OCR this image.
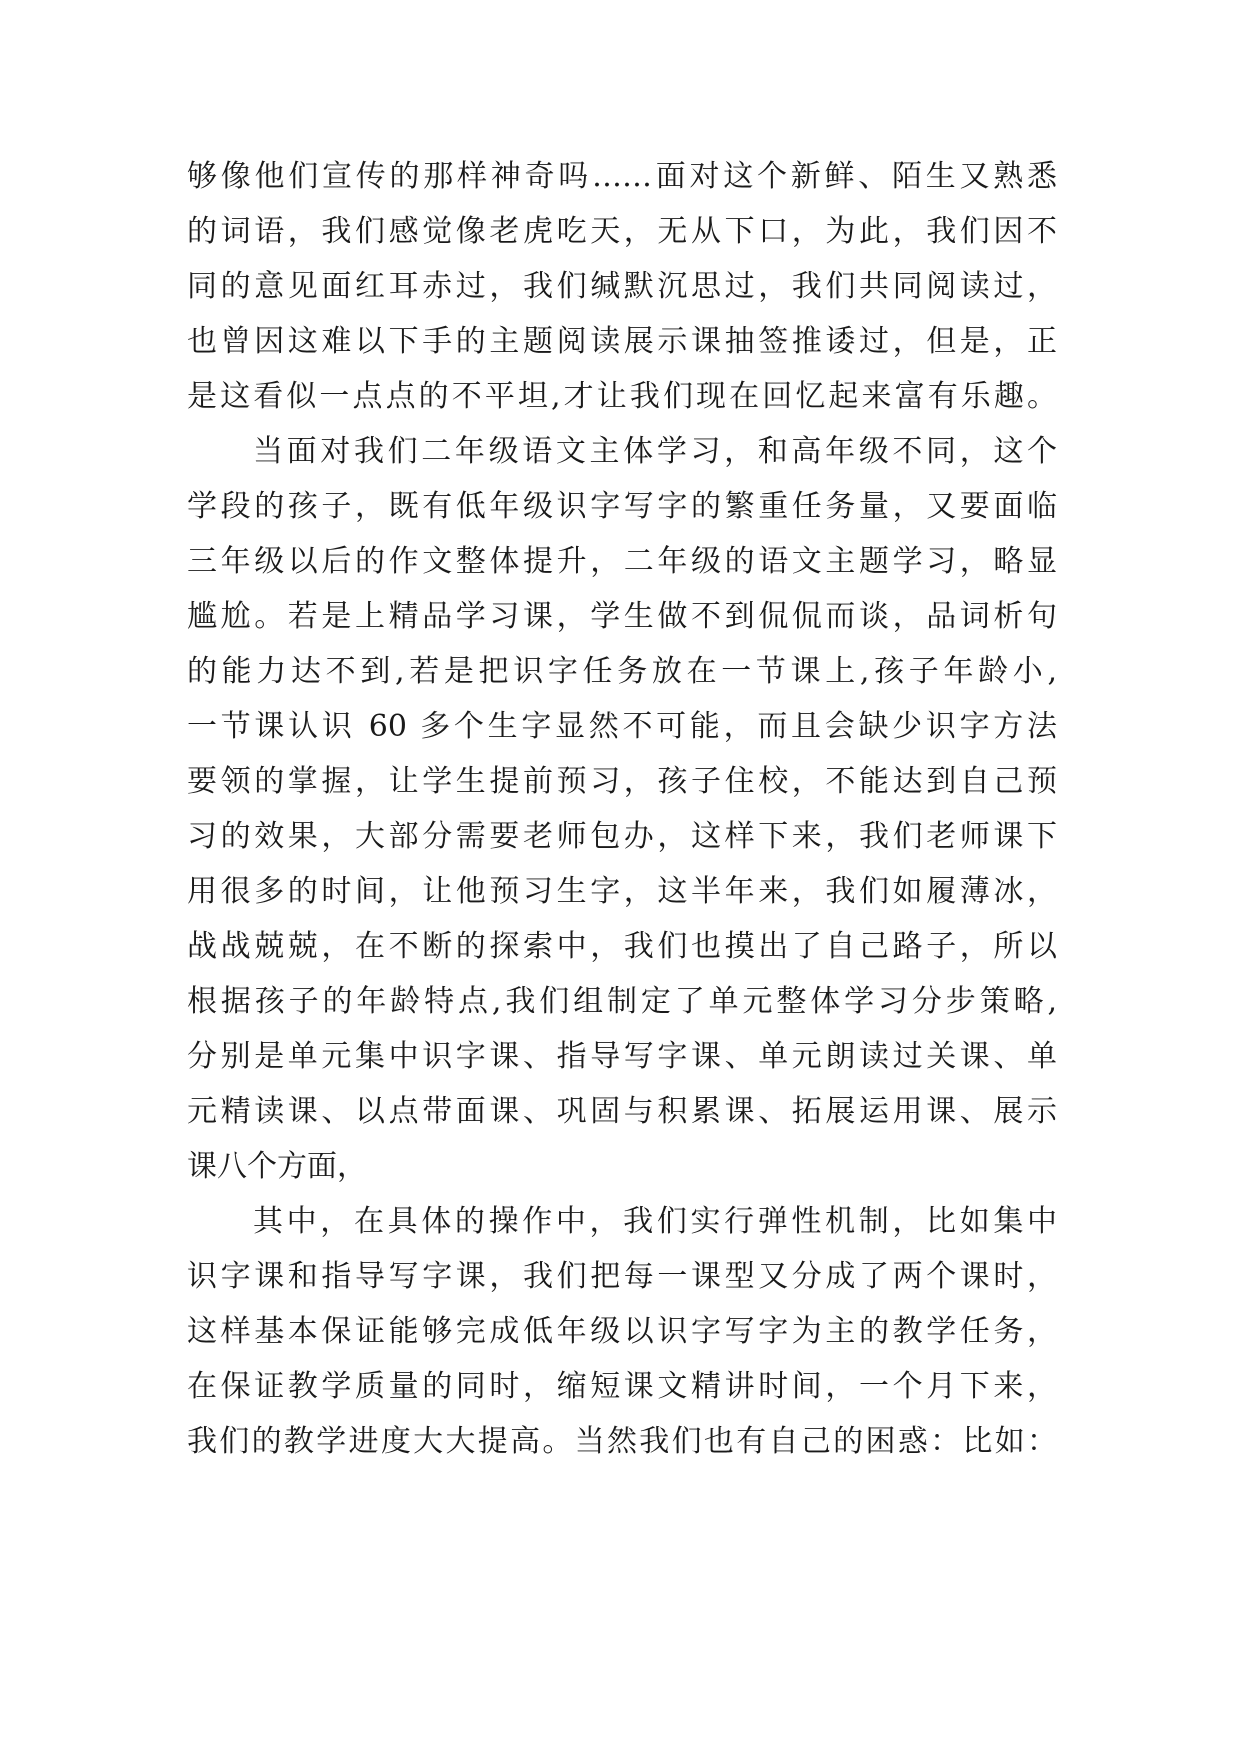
够像他们宣传的那样神奇吗……面对这个新鲜、陌生又熟悉
的词语，我们感觉像老虎吃天，无从下口，为此，我们因不
同的意见面红耳赤过，我们缄默沉思过，我们共同阅读过，
也曾因这难以下手的主题阅读展示课抽签推诿过，但是，正
是这看似一点点的不平坦,才让我们现在回忆起来富有乐趣。
当面对我们二年级语文主体学习，和高年级不同，这个
学段的孩子，既有低年级识字写字的繁重任务量，又要面临
三年级以后的作文整体提升，二年级的语文主题学习，略显
尴尬。若是上精品学习课，学生做不到侃侃而谈，品词析句
的能力达不到,若是把识字任务放在一节课上,孩子年龄小,
一节课认识 60 多个生字显然不可能，而且会缺少识字方法
要领的掌握，让学生提前预习，孩子住校，不能达到自己预
习的效果，大部分需要老师包办，这样下来，我们老师课下
用很多的时间，让他预习生字，这半年来，我们如履薄冰，
战战兢兢，在不断的探索中，我们也摸出了自己路子，所以
根据孩子的年龄特点,我们组制定了单元整体学习分步策略,
分别是单元集中识字课、指导写字课、单元朗读过关课、单
元精读课、以点带面课、巩固与积累课、拓展运用课、展示
课八个方面，
其中，在具体的操作中，我们实行弹性机制，比如集中
识字课和指导写字课，我们把每一课型又分成了两个课时，
这样基本保证能够完成低年级以识字写字为主的教学任务，
在保证教学质量的同时，缩短课文精讲时间，一个月下来，
我们的教学进度大大提高。当然我们也有自己的困惑：比如：
